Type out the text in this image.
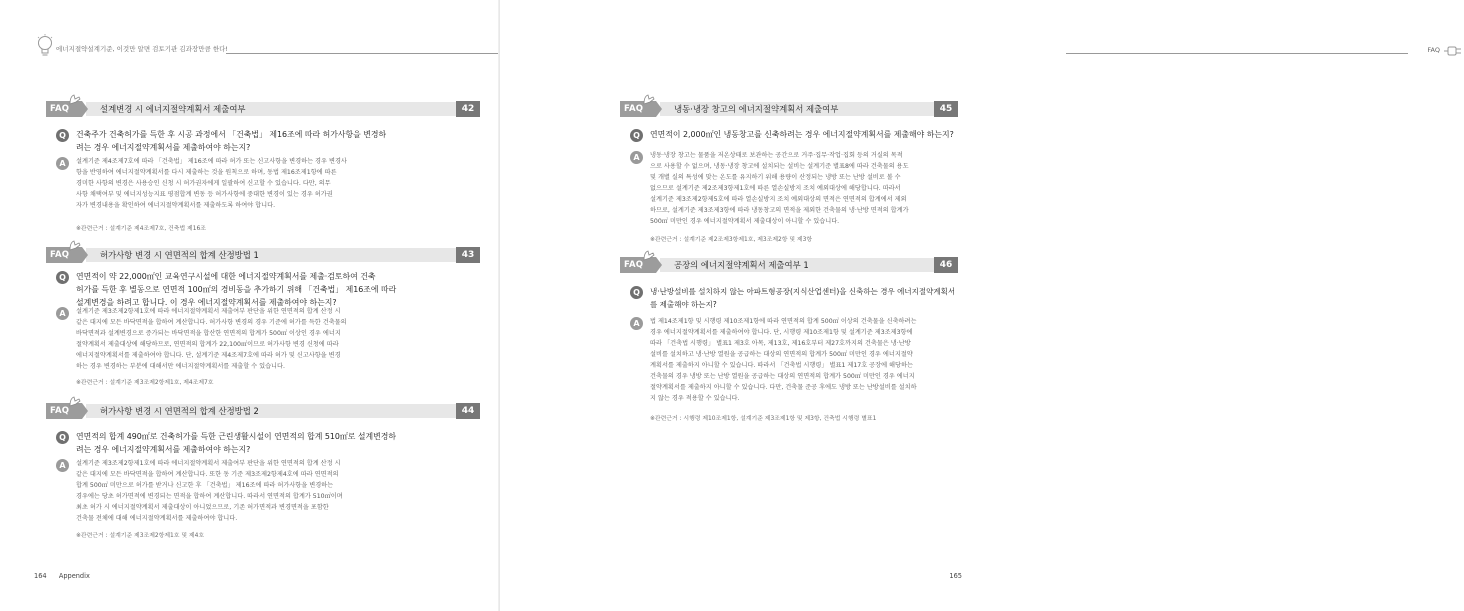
에너지절약설계기준, 이것만 알면 검토기관 김과장만큼 한다!	FAQ
FAQ	설계변경 시 에너지절약계획서 제출여부	42
Q	건축주가 건축허가를 득한 후 시공 과정에서 「건축법」 제16조에 따라 허가사항을 변경하
려는 경우 에너지절약계획서를 제출하여야 하는지?
A	설계기준 제4조제7호에 따라 「건축법」 제16조에 따라 허가 또는 신고사항을 변경하는 경우 변경사
항을 반영하여 에너지절약계획서를 다시 제출하는 것을 원칙으로 하며, 동법 제16조제1항에 따른
경미한 사항의 변경은 사용승인 신청 시 허가권자에게 일괄하여 신고할 수 있습니다. 다만, 의무
사항 채택여부 및 에너지성능지표 평점합계 변동 등 허가사항에 중대한 변경이 있는 경우 허가권
자가 변경내용을 확인하여 에너지절약계획서를 제출하도록 하여야 합니다.
※관련근거 : 설계기준 제4조제7호, 건축법 제16조
FAQ	허가사항 변경 시 연면적의 합계 산정방법 1	43
Q	연면적이 약 22,000㎡인 교육연구시설에 대한 에너지절약계획서를 제출·검토하여 건축
허가를 득한 후 별동으로 연면적 100㎡의 경비동을 추가하기 위해 「건축법」 제16조에 따라
설계변경을 하려고 합니다. 이 경우 에너지절약계획서를 제출하여야 하는지?
A	설계기준 제3조제2항제1호에 따라 에너지절약계획서 제출여부 판단을 위한 연면적의 합계 산정 시
같은 대지에 모든 바닥면적을 합하여 계산합니다. 허가사항 변경의 경우 기준에 허가를 득한 건축물의
바닥면적과 설계변경으로 증가되는 바닥면적을 합산한 연면적의 합계가 500㎡ 이상인 경우 에너지
절약계획서 제출대상에 해당하므로, 연면적의 합계가 22,100㎡이므로 허가사항 변경 신청에 따라
에너지절약계획서를 제출하여야 합니다. 단, 설계기준 제4조제7호에 따라 허가 및 신고사항을 변경
하는 경우 변경하는 부분에 대해서만 에너지절약계획서를 제출할 수 있습니다.
※관련근거 : 설계기준 제3조제2항제1호, 제4조제7호
FAQ	허가사항 변경 시 연면적의 합계 산정방법 2	44
Q	연면적의 합계 490㎡로 건축허가를 득한 근린생활시설이 연면적의 합계 510㎡로 설계변경하
려는 경우 에너지절약계획서를 제출하여야 하는지?
A	설계기준 제3조제2항제1호에 따라 에너지절약계획서 제출여부 판단을 위한 연면적의 합계 산정 시
같은 대지에 모든 바닥면적을 합하여 계산합니다. 또한 동 기준 제3조제2항제4호에 따라 연면적의
합계 500㎡ 미만으로 허가를 받거나 신고한 후 「건축법」 제16조에 따라 허가사항을 변경하는
경우에는 당초 허가면적에 변경되는 면적을 합하여 계산합니다. 따라서 연면적의 합계가 510㎡이며
최초 허가 시 에너지절약계획서 제출대상이 아니었으므로, 기존 허가면적과 변경면적을 포함한
건축물 전체에 대해 에너지절약계획서를 제출하여야 합니다.
※관련근거 : 설계기준 제3조제2항제1호 및 제4호
FAQ	냉동·냉장 창고의 에너지절약계획서 제출여부	45
Q	연면적이 2,000㎡인 냉동창고를 신축하려는 경우 에너지절약계획서를 제출해야 하는지?
A	냉동·냉장 창고는 물품을 저온상태로 보관하는 공간으로 거주·집무·작업·집회 등의 거실의 목적
으로 사용할 수 없으며, 냉동·냉장 창고에 설치되는 설비는 설계기준 별표8에 따라 건축물의 용도
및 개별 실의 특성에 맞는 온도를 유지하기 위해 용량이 산정되는 냉방 또는 난방 설비로 볼 수
없으므로 설계기준 제2조제3항제1호에 따른 열손실방지 조치 예외대상에 해당합니다. 따라서
설계기준 제3조제2항제5호에 따라 열손실방지 조치 예외대상의 면적은 연면적의 합계에서 제외
하므로, 설계기준 제3조제3항에 따라 냉동창고의 면적을 제외한 건축물의 냉·난방 면적의 합계가
500㎡ 미만인 경우 에너지절약계획서 제출대상이 아니할 수 있습니다.
※관련근거 : 설계기준 제2조제3항제1호, 제3조제2항 및 제3항
FAQ	공장의 에너지절약계획서 제출여부 1	46
Q	냉·난방설비를 설치하지 않는 아파트형공장(지식산업센터)을 신축하는 경우 에너지절약계획서
를 제출해야 하는지?
A	법 제14조제1항 및 시행령 제10조제1항에 따라 연면적의 합계 500㎡ 이상의 건축물을 신축하려는
경우 에너지절약계획서를 제출하여야 합니다. 단, 시행령 제10조제1항 및 설계기준 제3조제3항에
따라 「건축법 시행령」 별표1 제3호 아목, 제13호, 제16호부터 제27호까지의 건축물은 냉·난방
설비를 설치하고 냉·난방 열원을 공급하는 대상의 연면적의 합계가 500㎡ 미만인 경우 에너지절약
계획서를 제출하지 아니할 수 있습니다. 따라서 「건축법 시행령」 별표1 제17호 공장에 해당하는
건축물의 경우 냉방 또는 난방 열원을 공급하는 대상의 연면적의 합계가 500㎡ 미만인 경우 에너지
절약계획서를 제출하지 아니할 수 있습니다. 다만, 건축물 준공 후에도 냉방 또는 난방설비를 설치하
지 않는 경우 적용할 수 있습니다.
※관련근거 : 시행령 제10조제1항, 설계기준 제3조제1항 및 제3항, 건축법 시행령 별표1
164 Appendix	165
